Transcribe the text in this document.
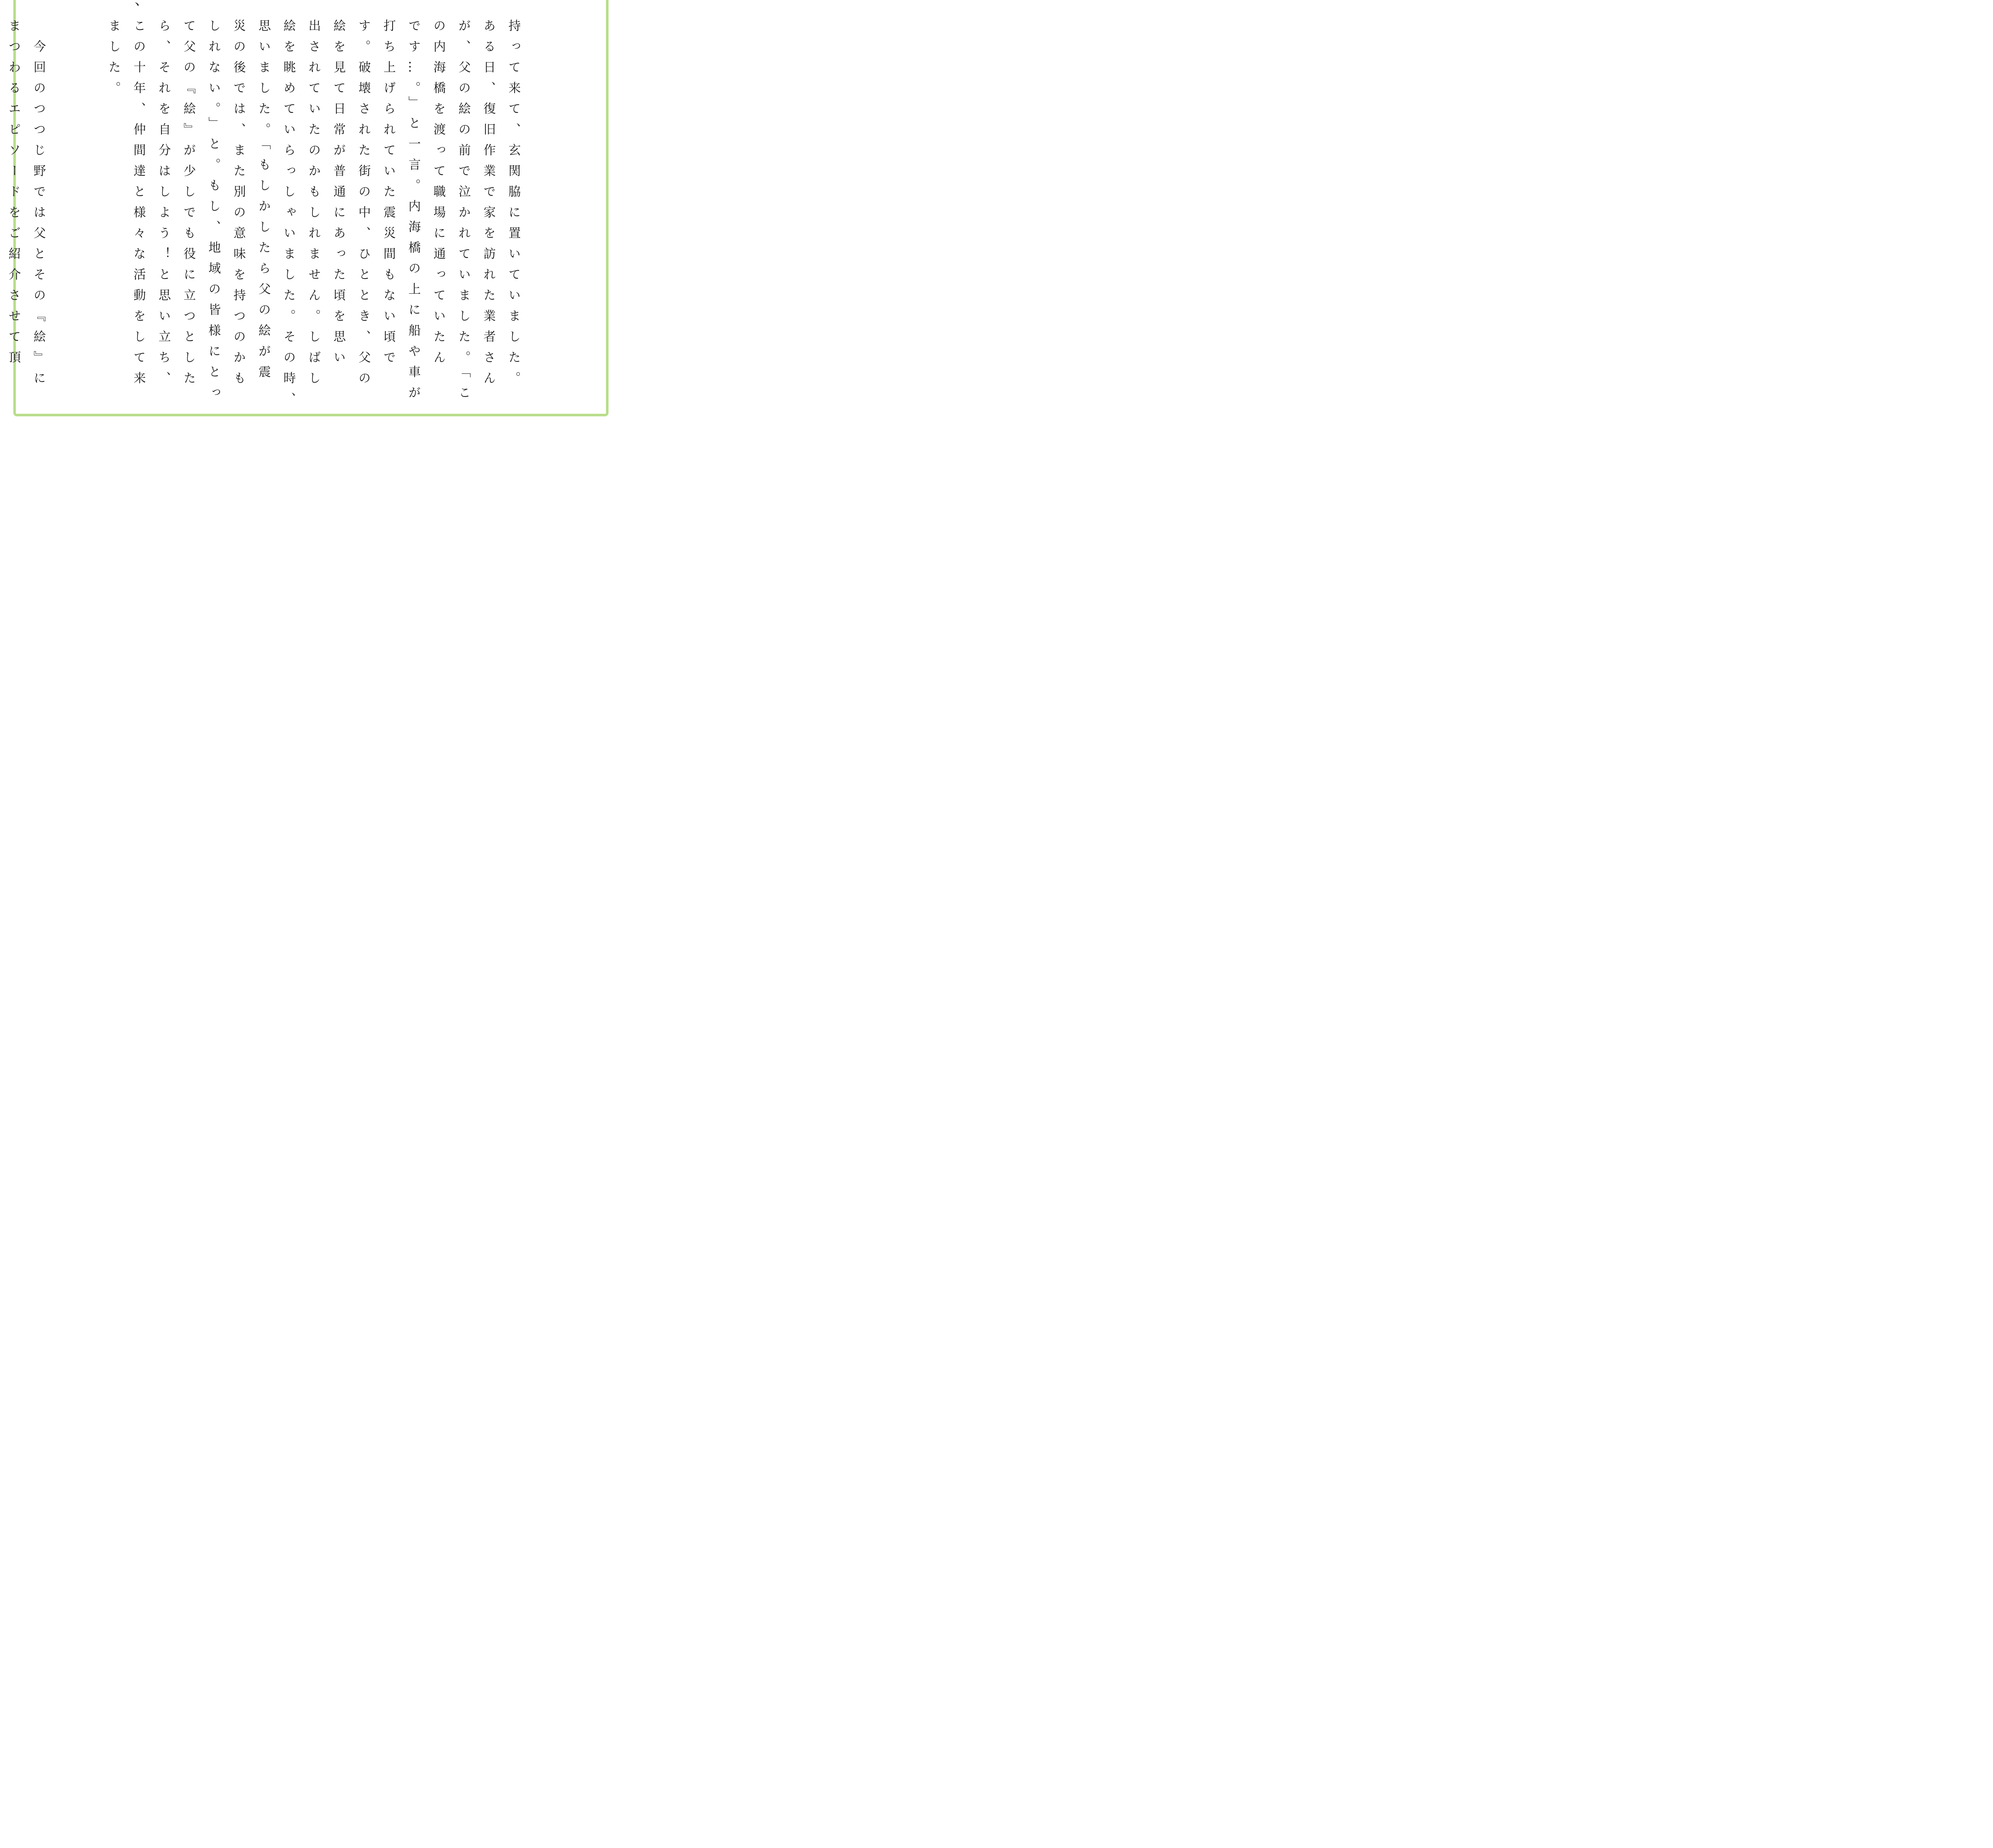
、

持って来て、玄関脇に置いていました。
ある日、復旧作業で家を訪れた業者さん
が、父の絵の前で泣かれていました。「こ
の内海橋を渡って職場に通っていたん
です…。」と一言。内海橋の上に船や車が
打ち上げられていた震災間もない頃で
す。破壊された街の中、ひととき、父の
絵を見て日常が普通にあった頃を思い
出されていたのかもしれません。しばし
絵を眺めていらっしゃいました。その時、
思いました。「もしかしたら父の絵が震
災の後では、また別の意味を持つのかも
しれない。」と。もし、地域の皆様にとっ
て父の『絵』が少しでも役に立つとした
ら、それを自分はしよう！と思い立ち、
この十年、仲間達と様々な活動をして来
ました。

　今回のつつじ野では父とその『絵』に
まつわるエピソードをご紹介させて頂
